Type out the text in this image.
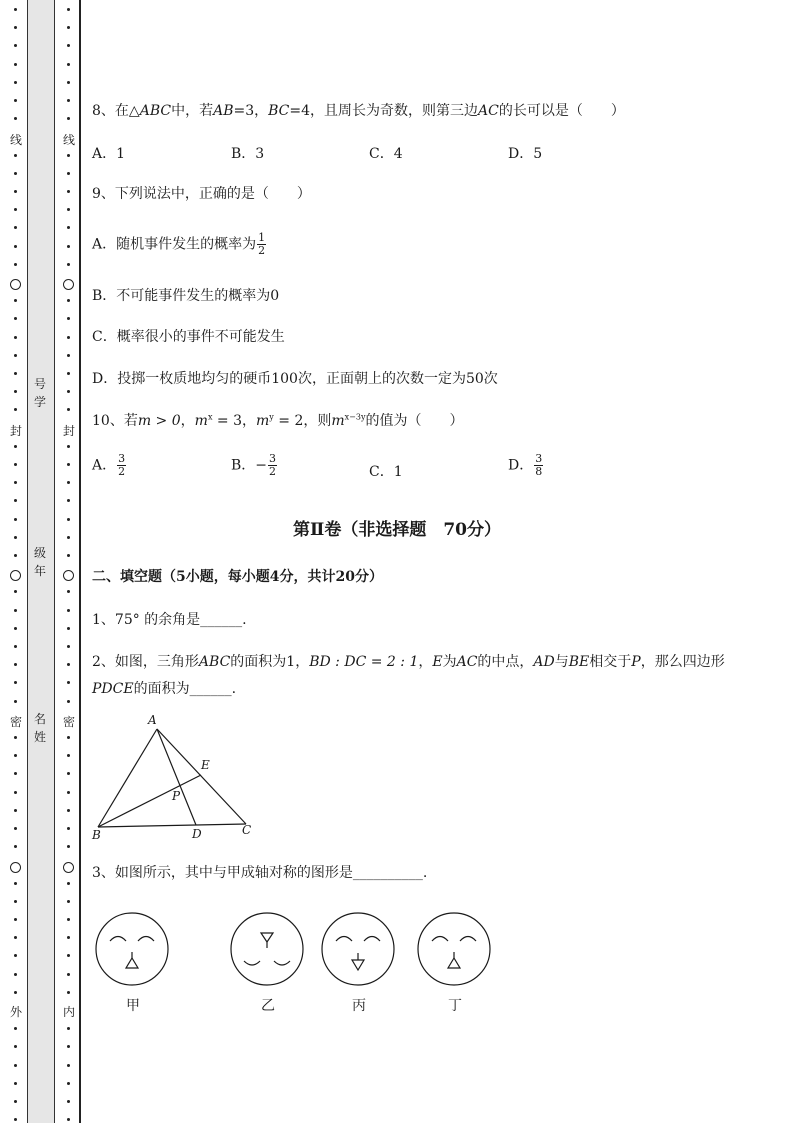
线
封
密
外
线
封
密
内
号
学
级
年
名
姓
8、在△ABC中，若AB=3，BC=4，且周长为奇数，则第三边AC的长可以是（　　）
A．1	B．3	C．4	D．5
9、下列说法中，正确的是（　　）
A．随机事件发生的概率为 $\frac{1}{2}$
B．不可能事件发生的概率为0
C．概率很小的事件不可能发生
D．投掷一枚质地均匀的硬币100次，正面朝上的次数一定为50次
10、若m > 0，$m^x = 3$，$m^y = 2$，则$m^{x-3y}$的值为（　　）
A． $\frac{3}{2}$	B．− $\frac{3}{2}$	C．1	D． $\frac{3}{8}$
第Ⅱ卷（非选择题　70分）
二、填空题（5小题，每小题4分，共计20分）
1、75° 的余角是______.
2、如图，三角形ABC的面积为1，BD : DC = 2 : 1，E为AC的中点，AD与BE相交于P，那么四边形
PDCE的面积为______.
A
E
P
B	D	C
3、如图所示，其中与甲成轴对称的图形是__________.
甲	乙	丙	丁
